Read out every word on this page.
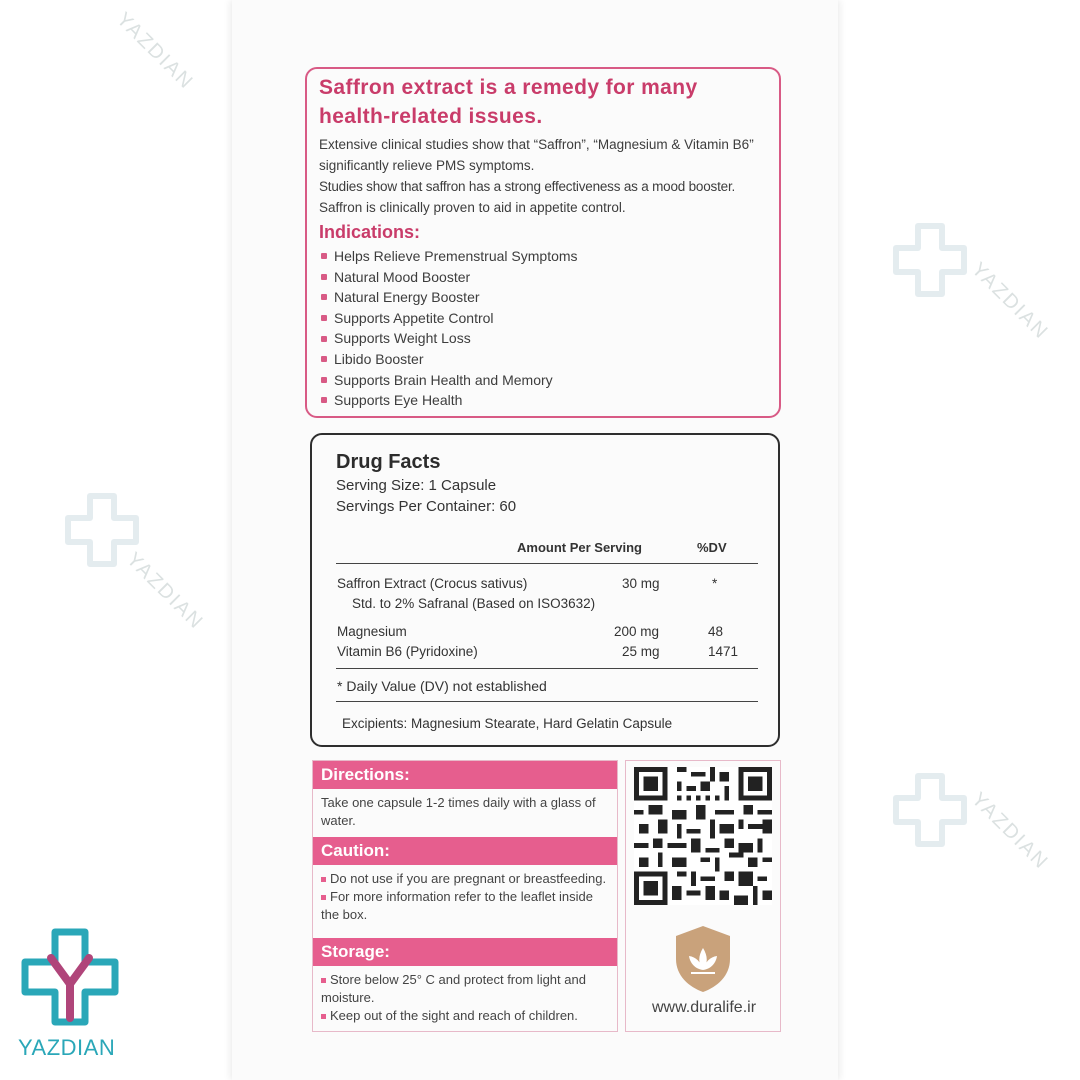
YAZDIAN
YAZDIAN
YAZDIAN
YAZDIAN
Saffron extract is a remedy for many health-related issues.
Extensive clinical studies show that “Saffron”, “Magnesium & Vitamin B6” significantly relieve PMS symptoms.
Studies show that saffron has a strong effectiveness as a mood booster.
Saffron is clinically proven to aid in appetite control.
Indications:
Helps Relieve Premenstrual Symptoms
Natural Mood Booster
Natural Energy Booster
Supports Appetite Control
Supports Weight Loss
Libido Booster
Supports Brain Health and Memory
Supports Eye Health
Drug Facts
Serving Size: 1 Capsule
Servings Per Container: 60
Amount Per Serving	%DV
Saffron Extract (Crocus sativus)	30 mg	*
Std. to 2% Safranal (Based on ISO3632)
Magnesium	200 mg	48
Vitamin B6 (Pyridoxine)	25 mg	1471
* Daily Value (DV) not established
Excipients: Magnesium Stearate, Hard Gelatin Capsule
Directions:
Take one capsule 1-2 times daily with a glass of water.
Caution:
Do not use if you are pregnant or breastfeeding.
For more information refer to the leaflet inside the box.
Storage:
Store below 25° C and protect from light and moisture.
Keep out of the sight and reach of children.	www.duralife.ir
YAZDIAN
